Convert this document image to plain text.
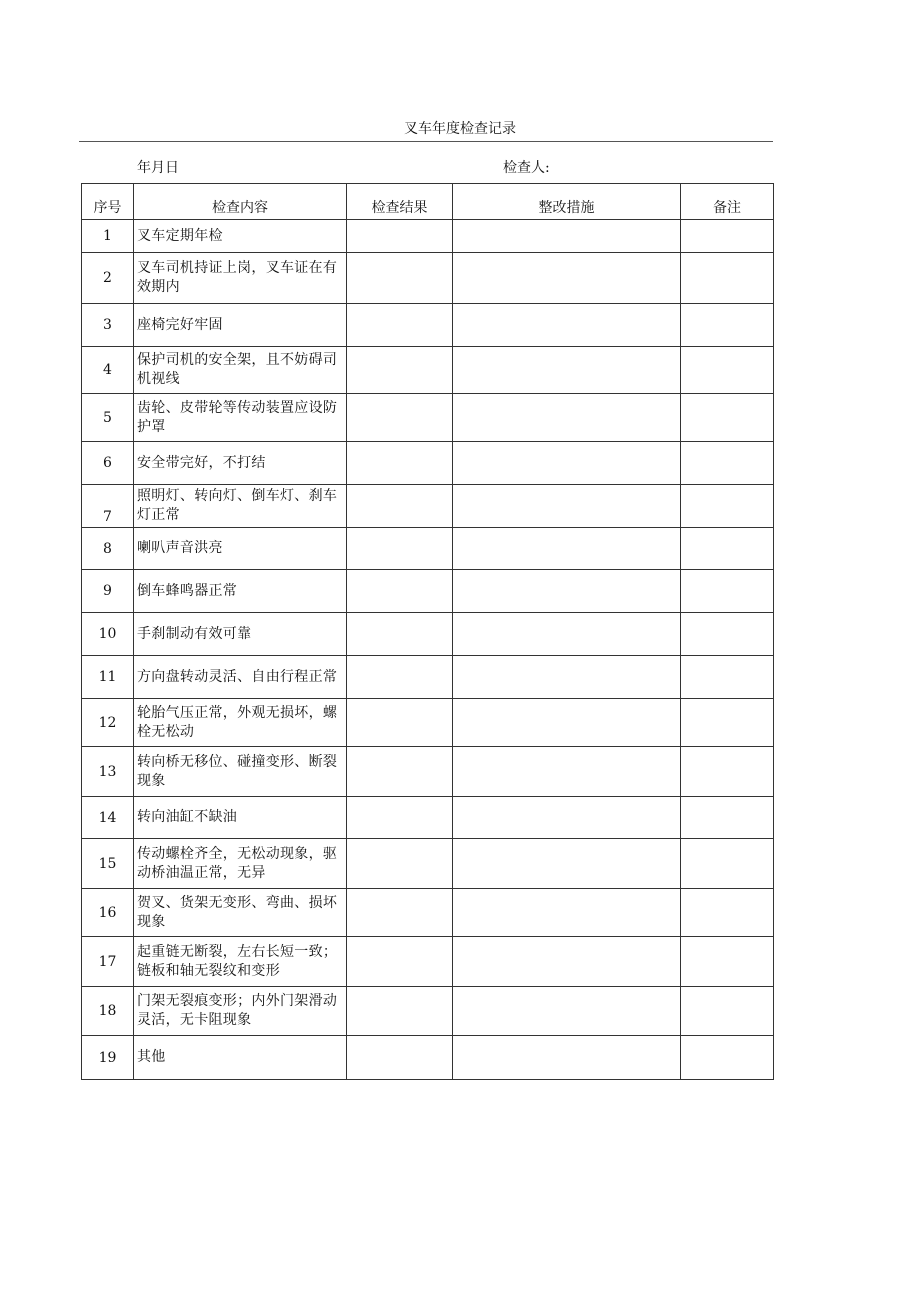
叉车年度检查记录
年月日	检查人:
序号	检查内容	检查结果	整改措施	备注
1	叉车定期年检			
2	叉车司机持证上岗，叉车证在有效期内			
3	座椅完好牢固			
4	保护司机的安全架，且不妨碍司机视线			
5	齿轮、皮带轮等传动装置应设防护罩			
6	安全带完好，不打结			
7	照明灯、转向灯、倒车灯、刹车灯正常			
8	喇叭声音洪亮			
9	倒车蜂鸣器正常			
10	手刹制动有效可靠			
11	方向盘转动灵活、自由行程正常			
12	轮胎气压正常，外观无损坏，螺栓无松动			
13	转向桥无移位、碰撞变形、断裂现象			
14	转向油缸不缺油			
15	传动螺栓齐全，无松动现象，驱动桥油温正常，无异			
16	贺叉、货架无变形、弯曲、损坏现象			
17	起重链无断裂，左右长短一致；链板和轴无裂纹和变形			
18	门架无裂痕变形；内外门架滑动灵活，无卡阻现象			
19	其他			
